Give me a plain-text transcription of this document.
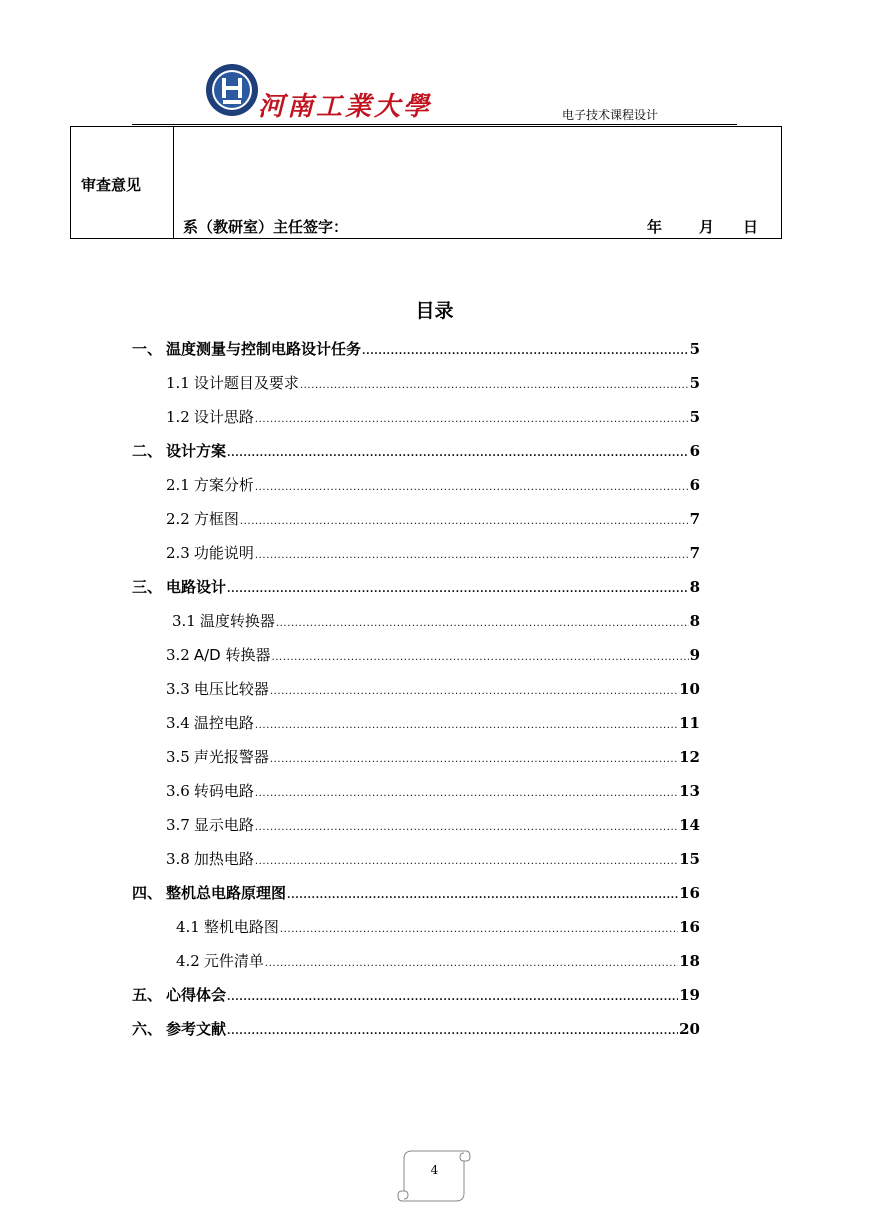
河南工業大學	电子技术课程设计
审查意见
系（教研室）主任签字：	年 月 日
目录
一、 温度测量与控制电路设计任务 .....	5
1.1 设计题目及要求 .....	5
1.2 设计思路 .....	5
二、 设计方案 .....	6
2.1 方案分析 .....	6
2.2 方框图 .....	7
2.3 功能说明 .....	7
三、 电路设计 .....	8
3.1 温度转换器 .....	8
3.2 A/D 转换器 .....	9
3.3 电压比较器 .....	10
3.4 温控电路 .....	11
3.5 声光报警器 .....	12
3.6 转码电路 .....	13
3.7 显示电路 .....	14
3.8 加热电路 .....	15
四、 整机总电路原理图 .....	16
4.1 整机电路图 .....	16
4.2 元件清单 .....	18
五、 心得体会 .....	19
六、 参考文献 .....	20
4
